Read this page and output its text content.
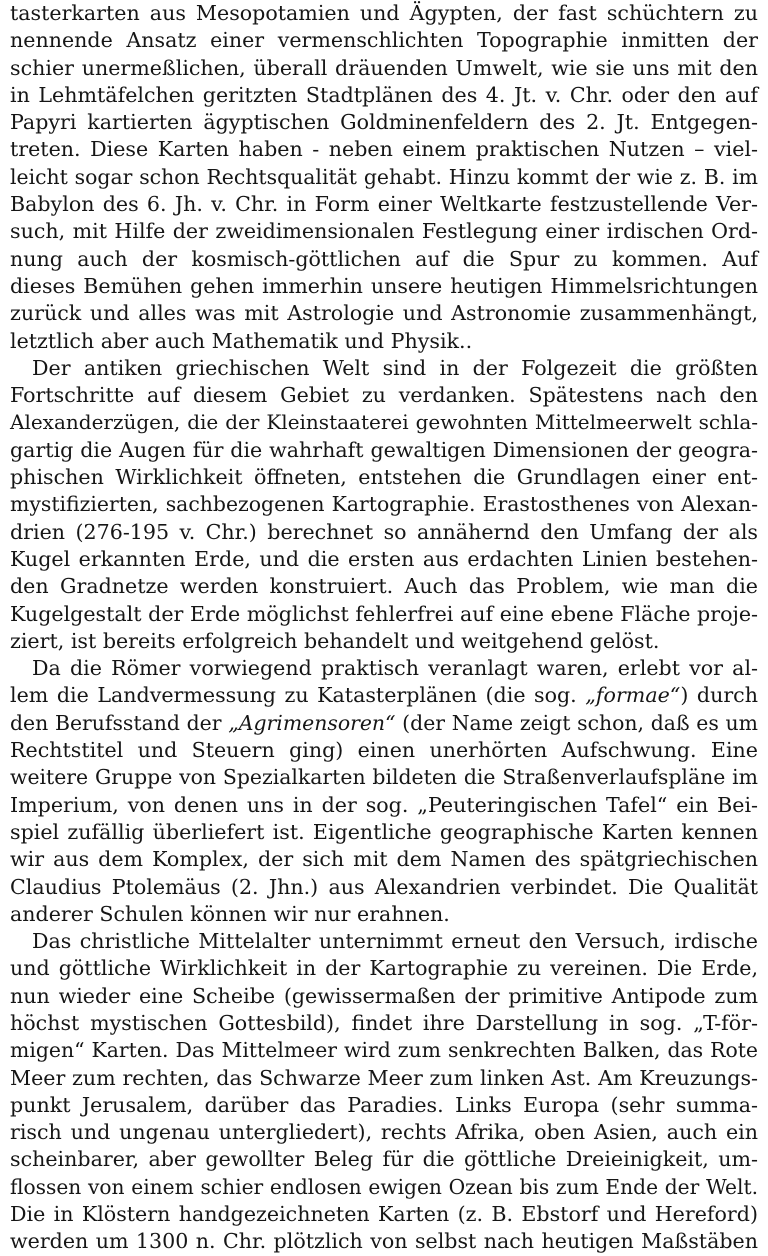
tasterkarten aus Mesopotamien und Ägypten, der fast schüchtern zu
nennende Ansatz einer vermenschlichten Topographie inmitten der
schier unermeßlichen, überall dräuenden Umwelt, wie sie uns mit den
in Lehmtäfelchen geritzten Stadtplänen des 4. Jt. v. Chr. oder den auf
Papyri kartierten ägyptischen Goldminenfeldern des 2. Jt. Entgegen-
treten. Diese Karten haben - neben einem praktischen Nutzen – viel-
leicht sogar schon Rechtsqualität gehabt. Hinzu kommt der wie z. B. im
Babylon des 6. Jh. v. Chr. in Form einer Weltkarte festzustellende Ver-
such, mit Hilfe der zweidimensionalen Festlegung einer irdischen Ord-
nung auch der kosmisch-göttlichen auf die Spur zu kommen. Auf
dieses Bemühen gehen immerhin unsere heutigen Himmelsrichtungen
zurück und alles was mit Astrologie und Astronomie zusammenhängt,
letztlich aber auch Mathematik und Physik..
Der antiken griechischen Welt sind in der Folgezeit die größten
Fortschritte auf diesem Gebiet zu verdanken. Spätestens nach den
Alexanderzügen, die der Kleinstaaterei gewohnten Mittelmeerwelt schla-
gartig die Augen für die wahrhaft gewaltigen Dimensionen der geogra-
phischen Wirklichkeit öffneten, entstehen die Grundlagen einer ent-
mystifizierten, sachbezogenen Kartographie. Erastosthenes von Alexan-
drien (276-195 v. Chr.) berechnet so annähernd den Umfang der als
Kugel erkannten Erde, und die ersten aus erdachten Linien bestehen-
den Gradnetze werden konstruiert. Auch das Problem, wie man die
Kugelgestalt der Erde möglichst fehlerfrei auf eine ebene Fläche proje-
ziert, ist bereits erfolgreich behandelt und weitgehend gelöst.
Da die Römer vorwiegend praktisch veranlagt waren, erlebt vor al-
lem die Landvermessung zu Katasterplänen (die sog. „formae“) durch
den Berufsstand der „Agrimensoren“ (der Name zeigt schon, daß es um
Rechtstitel und Steuern ging) einen unerhörten Aufschwung. Eine
weitere Gruppe von Spezialkarten bildeten die Straßenverlaufspläne im
Imperium, von denen uns in der sog. „Peuteringischen Tafel“ ein Bei-
spiel zufällig überliefert ist. Eigentliche geographische Karten kennen
wir aus dem Komplex, der sich mit dem Namen des spätgriechischen
Claudius Ptolemäus (2. Jhn.) aus Alexandrien verbindet. Die Qualität
anderer Schulen können wir nur erahnen.
Das christliche Mittelalter unternimmt erneut den Versuch, irdische
und göttliche Wirklichkeit in der Kartographie zu vereinen. Die Erde,
nun wieder eine Scheibe (gewissermaßen der primitive Antipode zum
höchst mystischen Gottesbild), findet ihre Darstellung in sog. „T-för-
migen“ Karten. Das Mittelmeer wird zum senkrechten Balken, das Rote
Meer zum rechten, das Schwarze Meer zum linken Ast. Am Kreuzungs-
punkt Jerusalem, darüber das Paradies. Links Europa (sehr summa-
risch und ungenau untergliedert), rechts Afrika, oben Asien, auch ein
scheinbarer, aber gewollter Beleg für die göttliche Dreieinigkeit, um-
flossen von einem schier endlosen ewigen Ozean bis zum Ende der Welt.
Die in Klöstern handgezeichneten Karten (z. B. Ebstorf und Hereford)
werden um 1300 n. Chr. plötzlich von selbst nach heutigen Maßstäben
